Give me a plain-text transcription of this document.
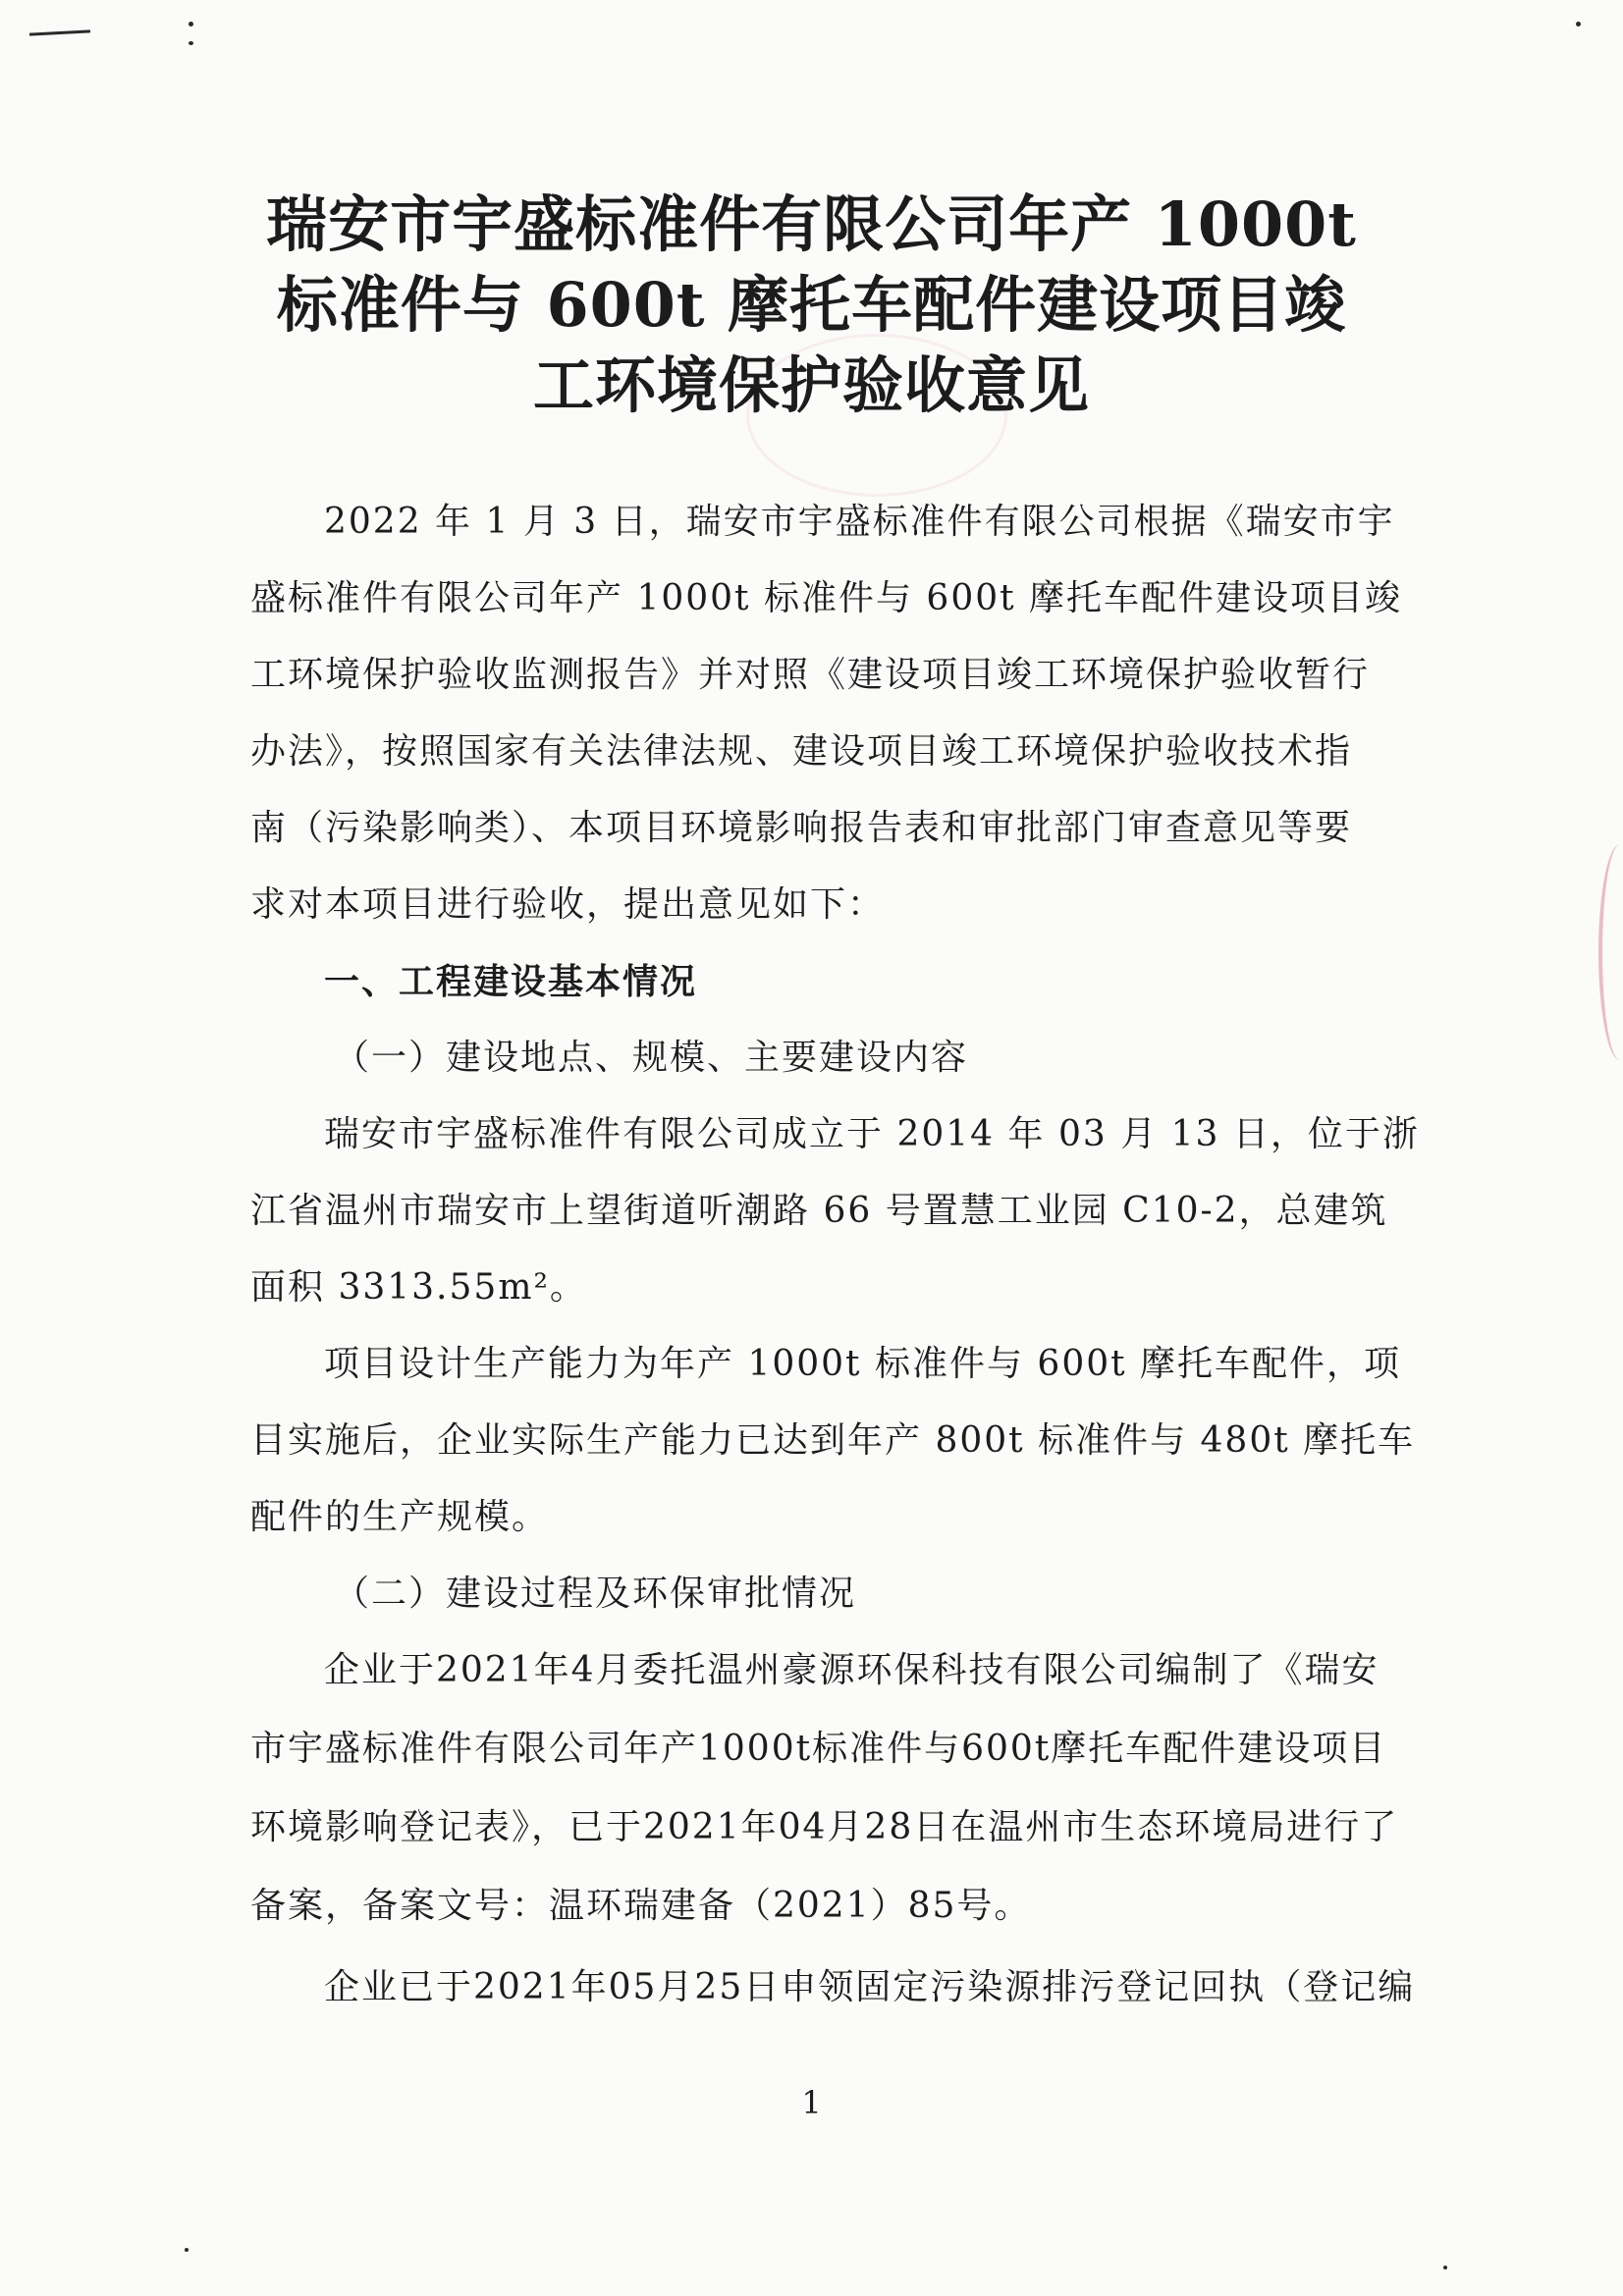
瑞安市宇盛标准件有限公司年产 1000t
标准件与 600t 摩托车配件建设项目竣
工环境保护验收意见
2022 年 1 月 3 日，瑞安市宇盛标准件有限公司根据《瑞安市宇
盛标准件有限公司年产 1000t 标准件与 600t 摩托车配件建设项目竣
工环境保护验收监测报告》并对照《建设项目竣工环境保护验收暂行
办法》，按照国家有关法律法规、建设项目竣工环境保护验收技术指
南（污染影响类）、本项目环境影响报告表和审批部门审查意见等要
求对本项目进行验收，提出意见如下：
一、工程建设基本情况
（一）建设地点、规模、主要建设内容
瑞安市宇盛标准件有限公司成立于 2014 年 03 月 13 日，位于浙
江省温州市瑞安市上望街道听潮路 66 号置慧工业园 C10-2，总建筑
面积 3313.55m²。
项目设计生产能力为年产 1000t 标准件与 600t 摩托车配件，项
目实施后，企业实际生产能力已达到年产 800t 标准件与 480t 摩托车
配件的生产规模。
（二）建设过程及环保审批情况
企业于2021年4月委托温州豪源环保科技有限公司编制了《瑞安
市宇盛标准件有限公司年产1000t标准件与600t摩托车配件建设项目
环境影响登记表》，已于2021年04月28日在温州市生态环境局进行了
备案，备案文号：温环瑞建备（2021）85号。
企业已于2021年05月25日申领固定污染源排污登记回执（登记编
1
